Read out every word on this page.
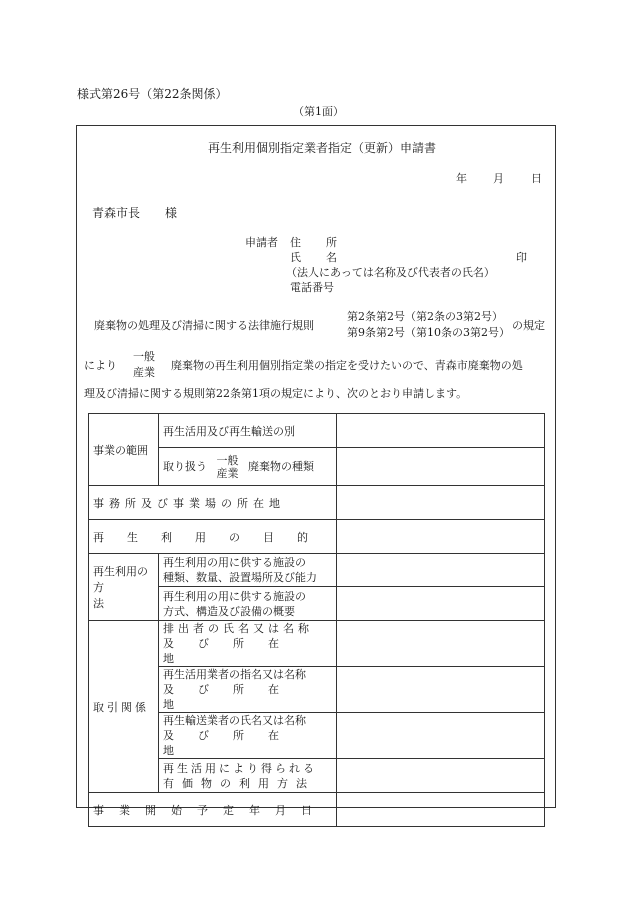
様式第26号（第22条関係）
（第1面）
再生利用個別指定業者指定（更新）申請書
年 月 日
青森市長 様
申請者 住 所
氏 名	印
（法人にあっては名称及び代表者の氏名）
電話番号
廃棄物の処理及び清掃に関する法律施行規則
第2条第2号（第2条の3第2号）
第9条第2号（第10条の3第2号）
の規定
により
一般
産業
廃棄物の再生利用個別指定業の指定を受けたいので、青森市廃棄物の処
理及び清掃に関する規則第22条第1項の規定により、次のとおり申請します。
事業の範囲	再生活用及び再生輸送の別	
	取り扱う 一般
産業
廃棄物の種類	
事務所及び事業場の所在地		
再生利用の目的		

再生利用の
方法	再生利用の用に供する施設の
種類、数量、設置場所及び能力	

	再生利用の用に供する施設の
方式、構造及び設備の概要	

取引関係	排出者の氏名又は名称
及び所在地	

	再生活用業者の指名又は名称
及び所在地	

	再生輸送業者の氏名又は名称
及び所在地	

	再生活用により得られる
有価物の利用方法	

事業開始予定年月日		
